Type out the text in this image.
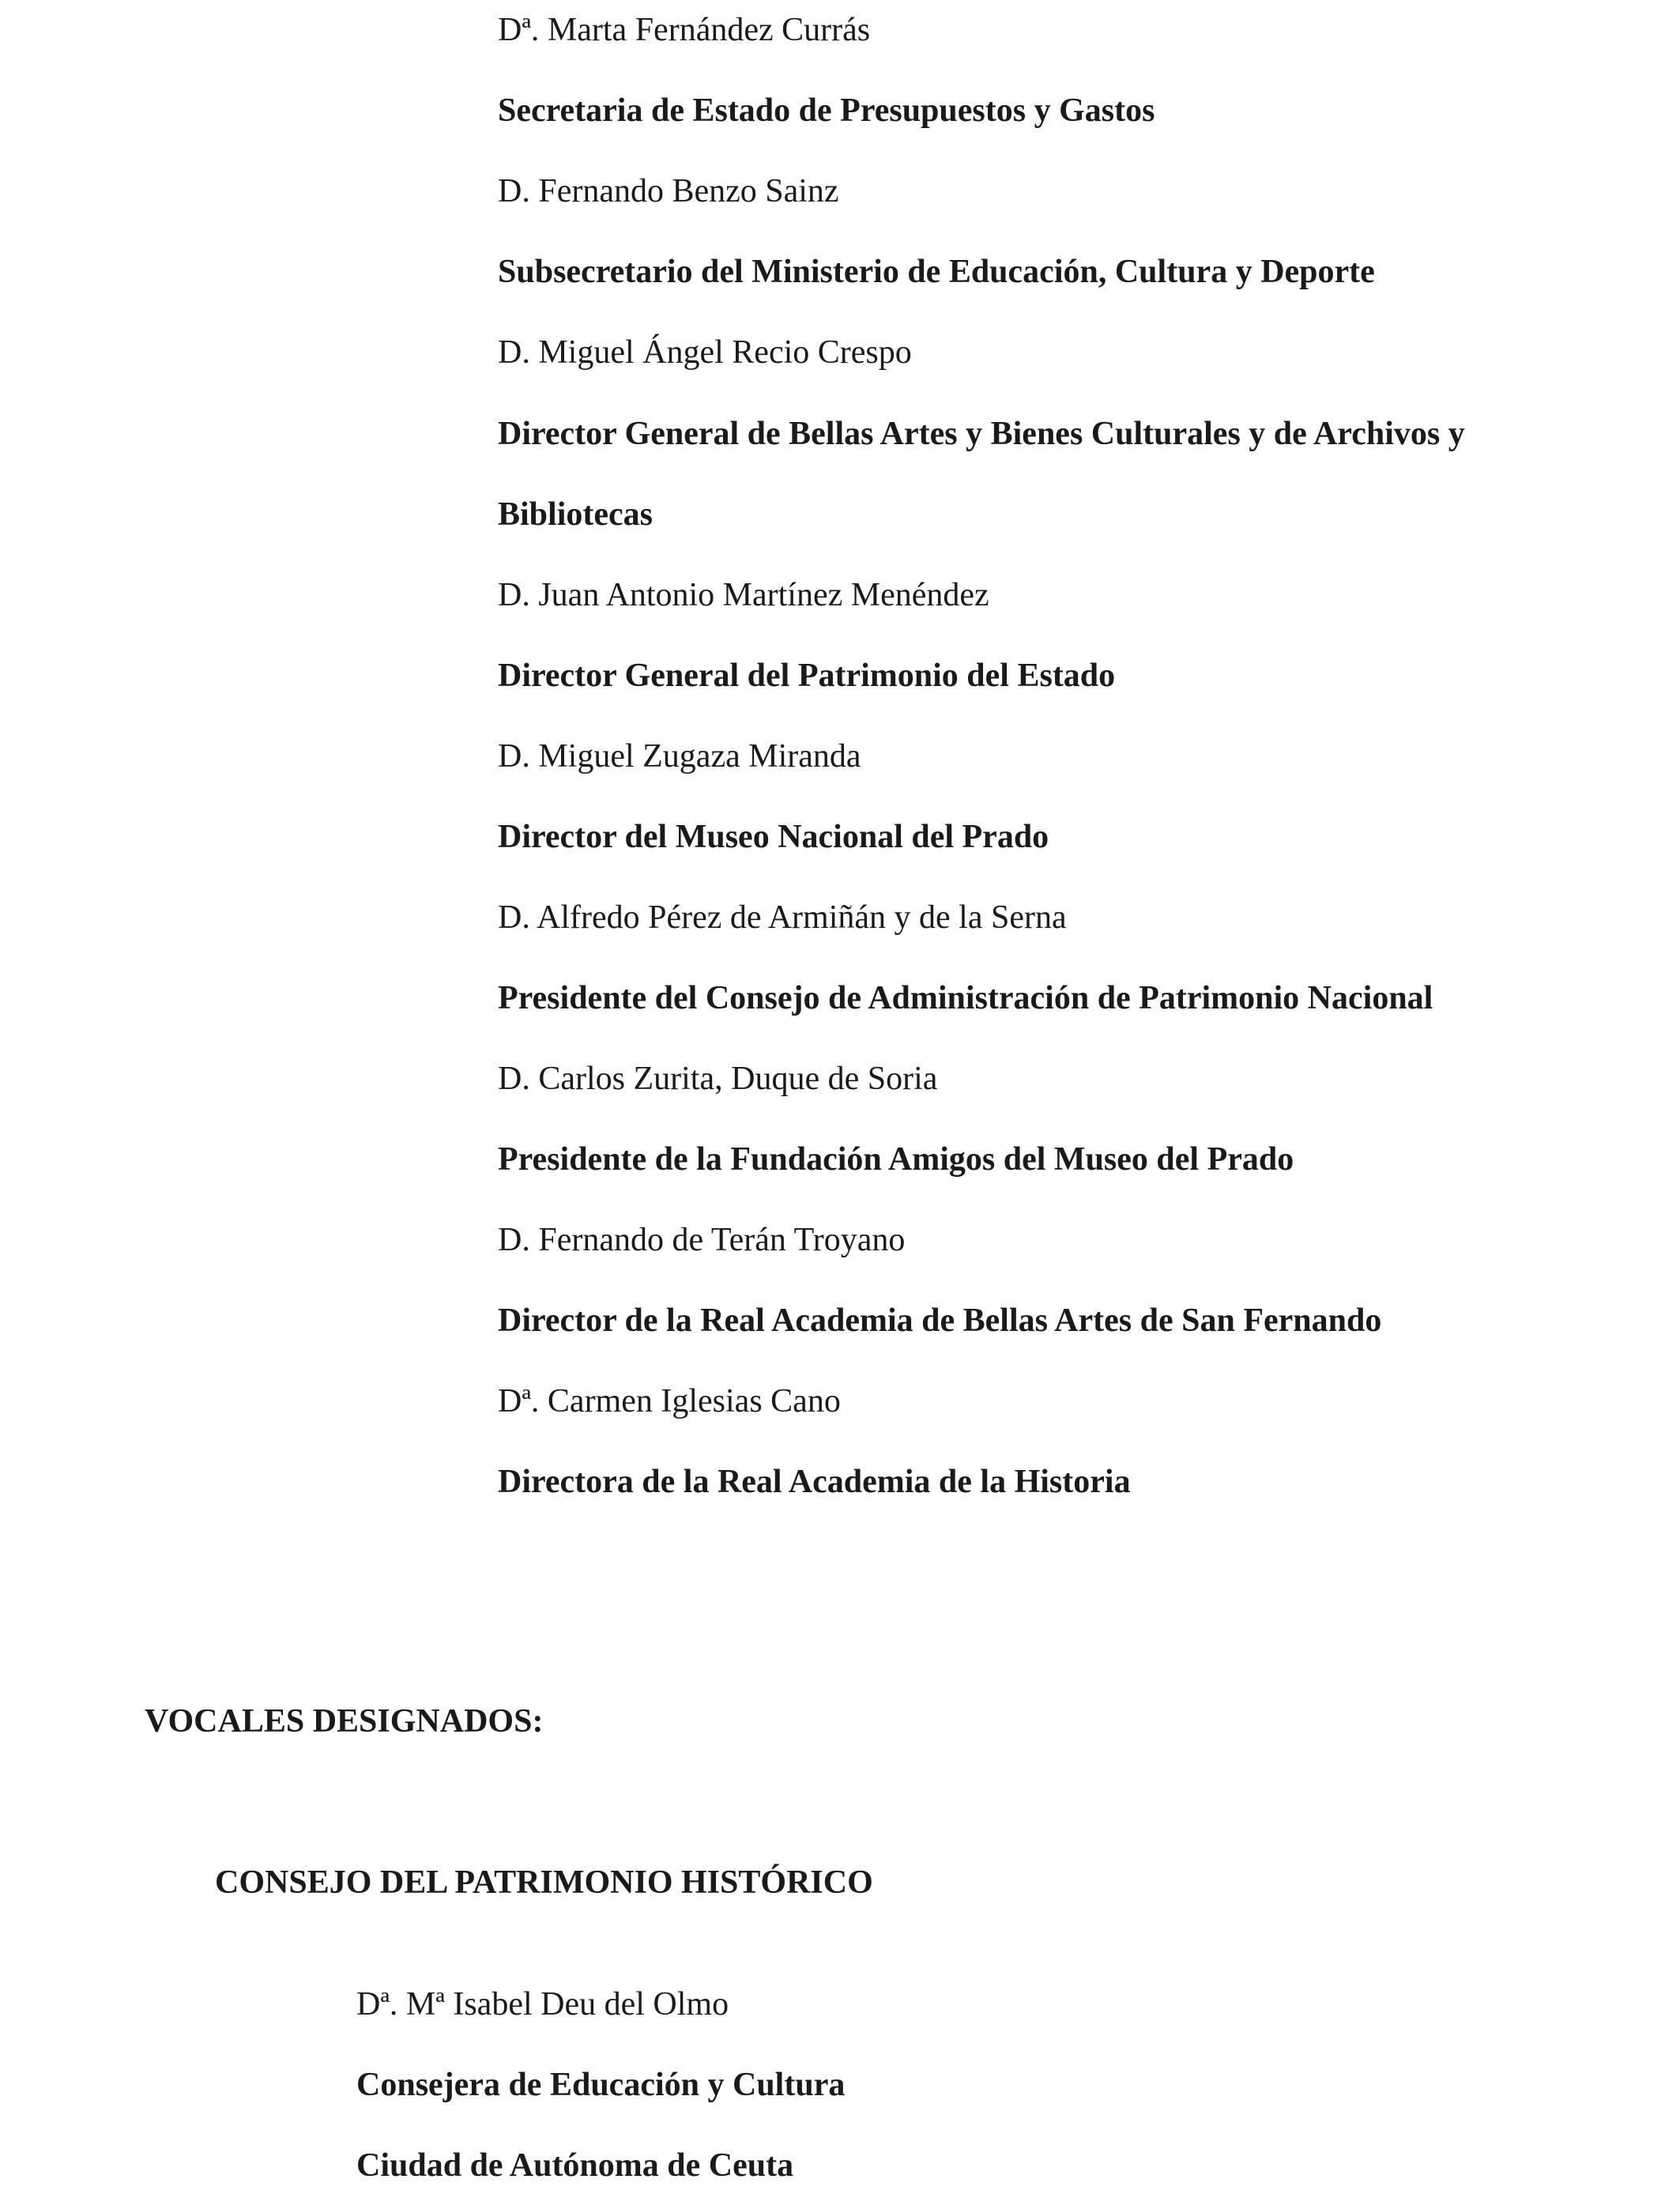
Dª. Marta Fernández Currás

Secretaria de Estado de Presupuestos y Gastos

D. Fernando Benzo Sainz

Subsecretario del Ministerio de Educación, Cultura y Deporte

D. Miguel Ángel Recio Crespo

Director General de Bellas Artes y Bienes Culturales y de Archivos y

Bibliotecas

D. Juan Antonio Martínez Menéndez

Director General del Patrimonio del Estado

D. Miguel Zugaza Miranda

Director del Museo Nacional del Prado

D. Alfredo Pérez de Armiñán y de la Serna

Presidente del Consejo de Administración de Patrimonio Nacional

D. Carlos Zurita, Duque de Soria

Presidente de la Fundación Amigos del Museo del Prado

D. Fernando de Terán Troyano

Director de la Real Academia de Bellas Artes de San Fernando

Dª. Carmen Iglesias Cano

Directora de la Real Academia de la Historia

VOCALES DESIGNADOS:

CONSEJO DEL PATRIMONIO HISTÓRICO

Dª. Mª Isabel Deu del Olmo

Consejera de Educación y Cultura

Ciudad de Autónoma de Ceuta
